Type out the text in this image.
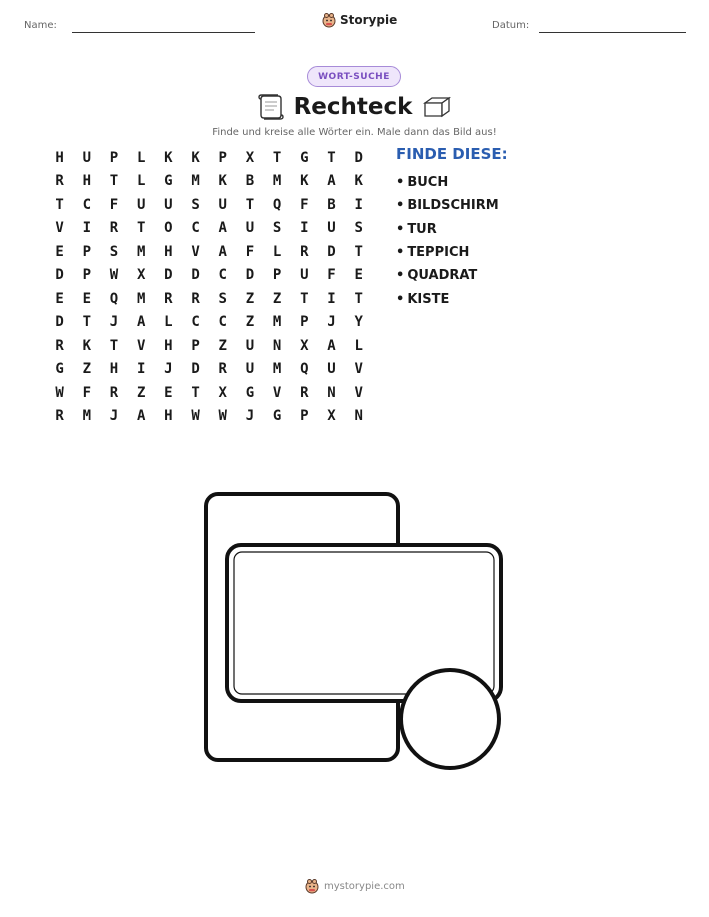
Name:	Storypie	Datum:
WORT-SUCHE
Rechteck
Finde und kreise alle Wörter ein. Male dann das Bild aus!
H	U	P	L	K	K	P	X	T	G	T	D
R	H	T	L	G	M	K	B	M	K	A	K
T	C	F	U	U	S	U	T	Q	F	B	I
V	I	R	T	O	C	A	U	S	I	U	S
E	P	S	M	H	V	A	F	L	R	D	T
D	P	W	X	D	D	C	D	P	U	F	E
E	E	Q	M	R	R	S	Z	Z	T	I	T
D	T	J	A	L	C	C	Z	M	P	J	Y
R	K	T	V	H	P	Z	U	N	X	A	L
G	Z	H	I	J	D	R	U	M	Q	U	V
W	F	R	Z	E	T	X	G	V	R	N	V
R	M	J	A	H	W	W	J	G	P	X	N
FINDE DIESE:
• BUCH
• BILDSCHIRM
• TUR
• TEPPICH
• QUADRAT
• KISTE
mystorypie.com
